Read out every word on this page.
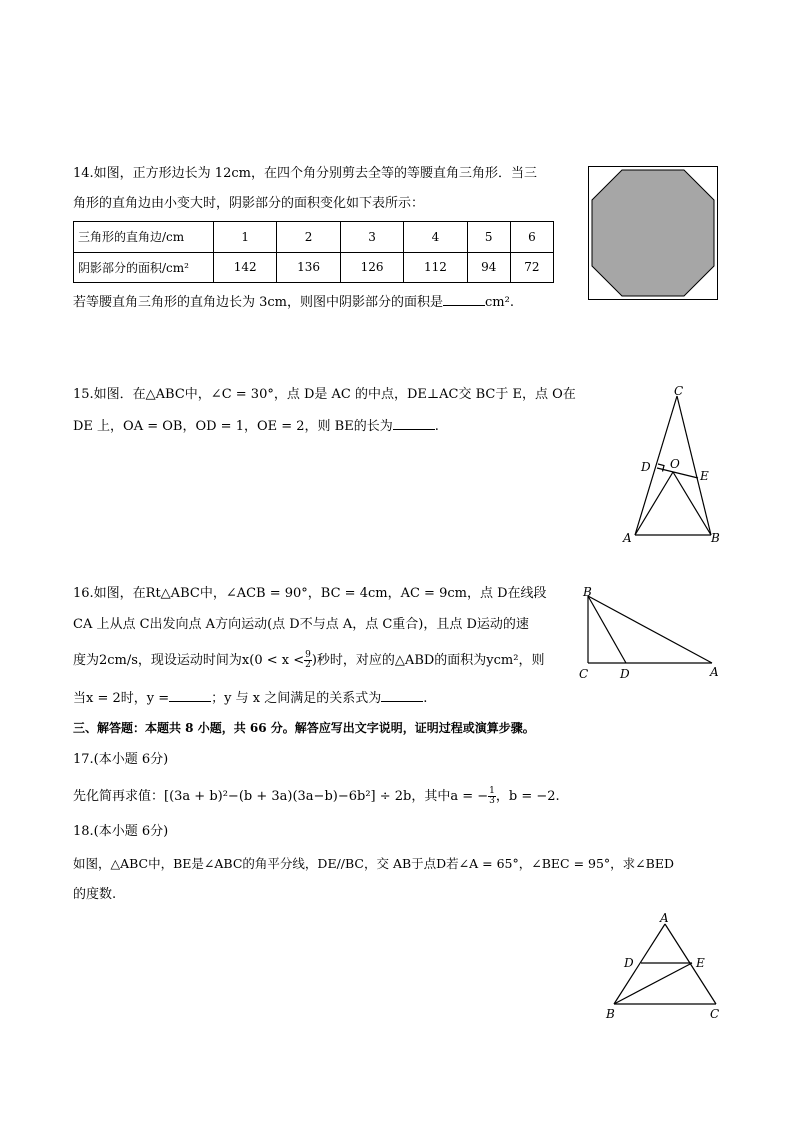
14.如图，正方形边长为 12cm，在四个角分别剪去全等的等腰直角三角形．当三
角形的直角边由小变大时，阴影部分的面积变化如下表所示：
三角形的直角边/cm	1	2	3	4	5	6
阴影部分的面积/cm²	142	136	126	112	94	72
若等腰直角三角形的直角边长为 3cm，则图中阴影部分的面积是	cm².
15.如图．在△ABC中，∠C = 30°，点 D是 AC 的中点，DE⊥AC交 BC于 E，点 O在
DE 上，OA = OB，OD = 1，OE = 2，则 BE的长为	.
C
D O
E
A	B
16.如图，在Rt△ABC中，∠ACB = 90°，BC = 4cm，AC = 9cm，点 D在线段
CA 上从点 C出发向点 A方向运动(点 D不与点 A，点 C重合)，且点 D运动的速
度为2cm/s，现设运动时间为$x(0 < x < \frac{9}{2}$ )秒时，对应的△ABD的面积为ycm²，则
当x = 2时，y =	；y 与 x 之间满足的关系式为	.
B
C	D	A
三、解答题：本题共 8 小题，共 66 分。解答应写出文字说明，证明过程或演算步骤。
17.(本小题 6分)
先化简再求值：[(3a + b)²−(b + 3a)(3a−b)−6b²] ÷ 2b，其中a = − $\frac{1}{3}$ ，b = −2.
18.(本小题 6分)
如图，△ABC中，BE是∠ABC的角平分线，DE//BC，交 AB于点D若∠A = 65°，∠BEC = 95°，求∠BED
的度数.
A
D	E
B	C
